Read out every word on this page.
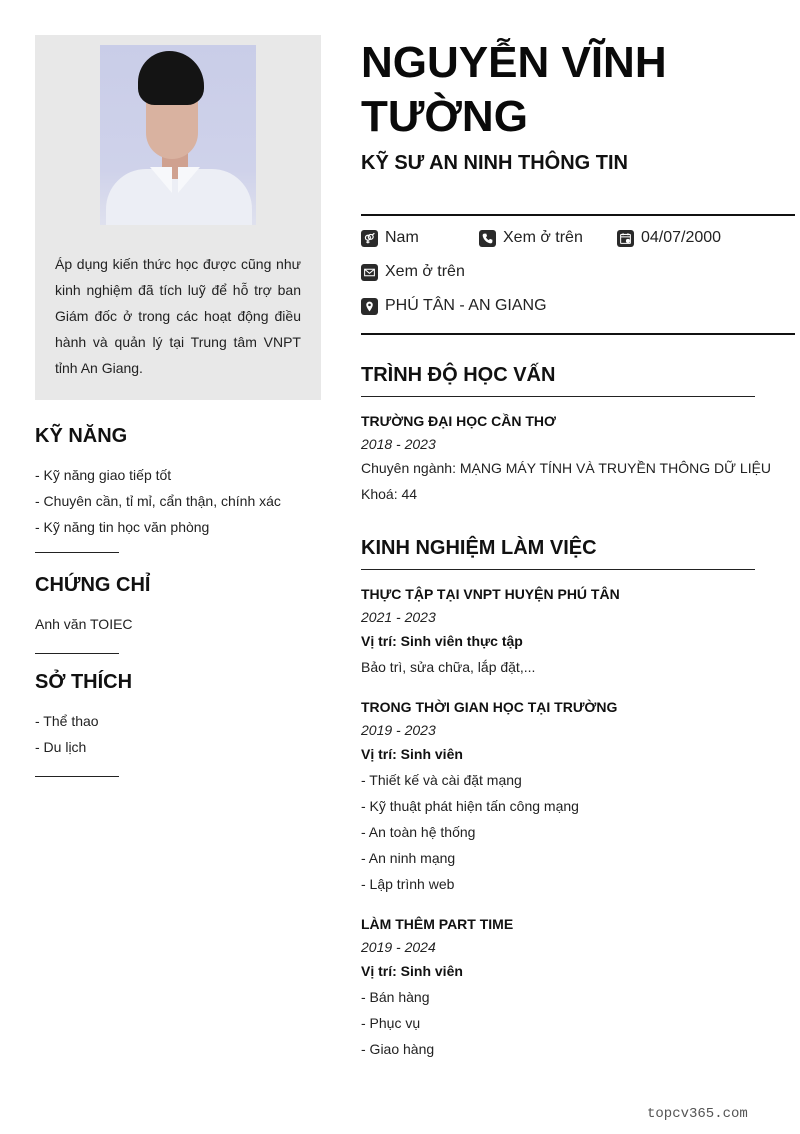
Áp dụng kiến thức học được cũng như kinh nghiệm đã tích luỹ để hỗ trợ ban Giám đốc ở trong các hoạt động điều hành và quản lý tại Trung tâm VNPT tỉnh An Giang.
KỸ NĂNG
- Kỹ năng giao tiếp tốt
- Chuyên cần, tỉ mỉ, cẩn thận, chính xác
- Kỹ năng tin học văn phòng
CHỨNG CHỈ
Anh văn TOIEC
SỞ THÍCH
- Thể thao
- Du lịch
NGUYỄN VĨNH TƯỜNG
KỸ SƯ AN NINH THÔNG TIN
Nam	Xem ở trên	04/07/2000
Xem ở trên
PHÚ TÂN - AN GIANG
TRÌNH ĐỘ HỌC VẤN
TRƯỜNG ĐẠI HỌC CẦN THƠ
2018 - 2023
Chuyên ngành: MẠNG MÁY TÍNH VÀ TRUYỀN THÔNG DỮ LIỆU
Khoá: 44
KINH NGHIỆM LÀM VIỆC
THỰC TẬP TẠI VNPT HUYỆN PHÚ TÂN
2021 - 2023
Vị trí: Sinh viên thực tập
Bảo trì, sửa chữa, lắp đặt,...
TRONG THỜI GIAN HỌC TẠI TRƯỜNG
2019 - 2023
Vị trí: Sinh viên
- Thiết kế và cài đặt mạng
- Kỹ thuật phát hiện tấn công mạng
- An toàn hệ thống
- An ninh mạng
- Lập trình web
LÀM THÊM PART TIME
2019 - 2024
Vị trí: Sinh viên
- Bán hàng
- Phục vụ
- Giao hàng
topcv365.com
